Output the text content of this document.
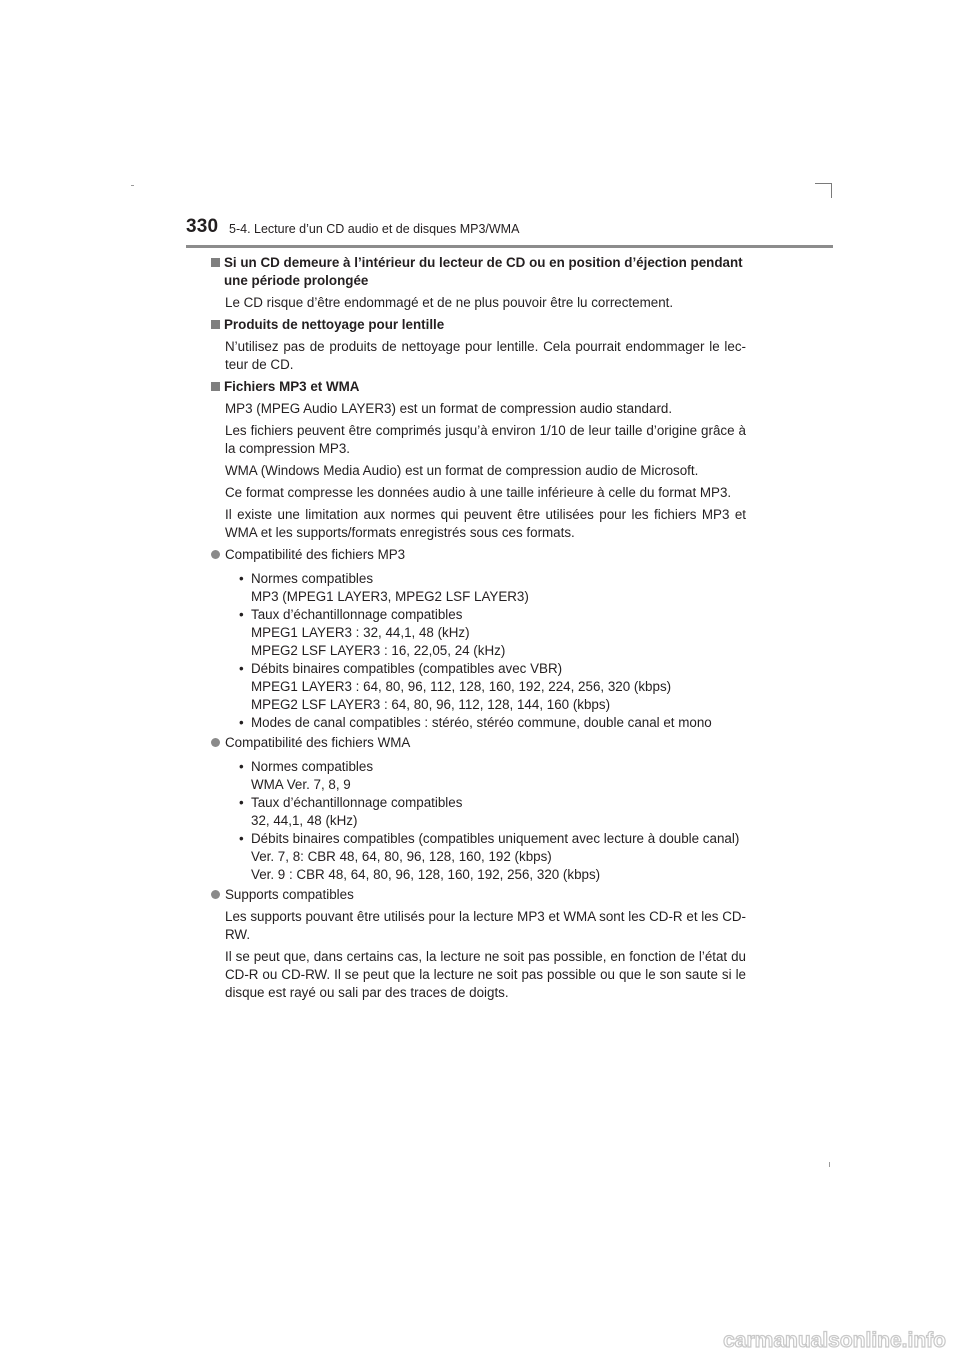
330 5-4. Lecture d’un CD audio et de disques MP3/WMA
Si un CD demeure à l’intérieur du lecteur de CD ou en position d’éjection pendant une période prolongée

Le CD risque d’être endommagé et de ne plus pouvoir être lu correctement.

Produits de nettoyage pour lentille

N’utilisez pas de produits de nettoyage pour lentille. Cela pourrait endommager le lec-teur de CD.

Fichiers MP3 et WMA

MP3 (MPEG Audio LAYER3) est un format de compression audio standard.

Les fichiers peuvent être comprimés jusqu’à environ 1/10 de leur taille d’origine grâce à la compression MP3.

WMA (Windows Media Audio) est un format de compression audio de Microsoft.

Ce format compresse les données audio à une taille inférieure à celle du format MP3.

Il existe une limitation aux normes qui peuvent être utilisées pour les fichiers MP3 et WMA et les supports/formats enregistrés sous ces formats.

Compatibilité des fichiers MP3
• Normes compatibles
MP3 (MPEG1 LAYER3, MPEG2 LSF LAYER3)
• Taux d’échantillonnage compatibles
MPEG1 LAYER3 : 32, 44,1, 48 (kHz)
MPEG2 LSF LAYER3 : 16, 22,05, 24 (kHz)
• Débits binaires compatibles (compatibles avec VBR)
MPEG1 LAYER3 : 64, 80, 96, 112, 128, 160, 192, 224, 256, 320 (kbps)
MPEG2 LSF LAYER3 : 64, 80, 96, 112, 128, 144, 160 (kbps)
• Modes de canal compatibles : stéréo, stéréo commune, double canal et mono
Compatibilité des fichiers WMA
• Normes compatibles
WMA Ver. 7, 8, 9
• Taux d’échantillonnage compatibles
32, 44,1, 48 (kHz)
• Débits binaires compatibles (compatibles uniquement avec lecture à double canal)
Ver. 7, 8: CBR 48, 64, 80, 96, 128, 160, 192 (kbps)
Ver. 9 : CBR 48, 64, 80, 96, 128, 160, 192, 256, 320 (kbps)
Supports compatibles

Les supports pouvant être utilisés pour la lecture MP3 et WMA sont les CD-R et les CD-RW.

Il se peut que, dans certains cas, la lecture ne soit pas possible, en fonction de l’état du CD-R ou CD-RW. Il se peut que la lecture ne soit pas possible ou que le son saute si le disque est rayé ou sali par des traces de doigts.

carmanualsonline.info
